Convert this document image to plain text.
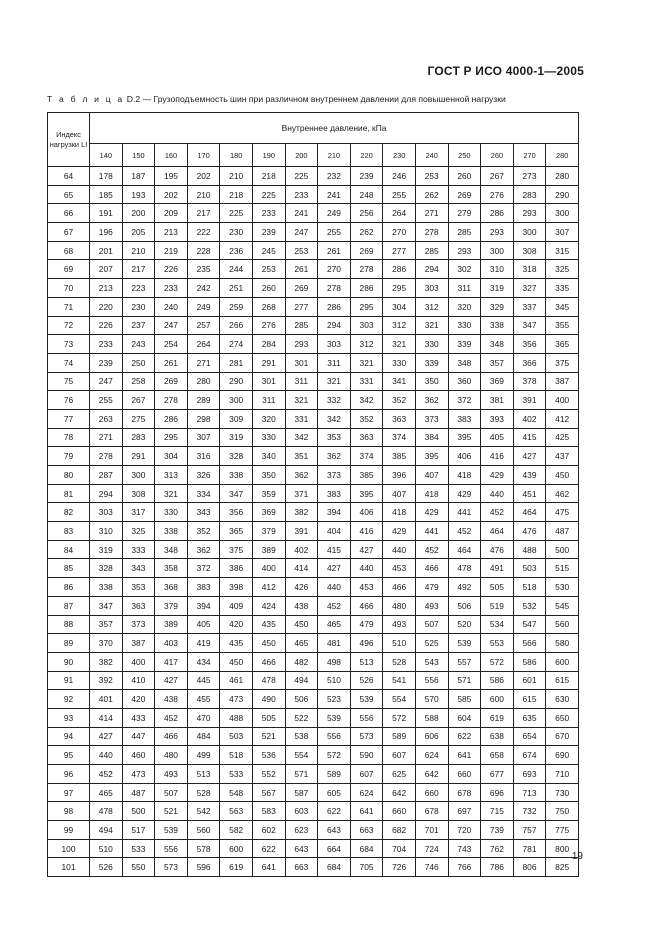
ГОСТ Р ИСО 4000-1—2005
Т а б л и ц а D.2 — Грузоподъемность шин при различном внутреннем давлении для повышенной нагрузки
Индекс нагрузки LI	Внутреннее давление, кПа														
	140	150	160	170	180	190	200	210	220	230	240	250	260	270	280
64	178	187	195	202	210	218	225	232	239	246	253	260	267	273	280
65	185	193	202	210	218	225	233	241	248	255	262	269	276	283	290
66	191	200	209	217	225	233	241	249	256	264	271	279	286	293	300
67	196	205	213	222	230	239	247	255	262	270	278	285	293	300	307
68	201	210	219	228	236	245	253	261	269	277	285	293	300	308	315
69	207	217	226	235	244	253	261	270	278	286	294	302	310	318	325
70	213	223	233	242	251	260	269	278	286	295	303	311	319	327	335
71	220	230	240	249	259	268	277	286	295	304	312	320	329	337	345
72	226	237	247	257	266	276	285	294	303	312	321	330	338	347	355
73	233	243	254	264	274	284	293	303	312	321	330	339	348	356	365
74	239	250	261	271	281	291	301	311	321	330	339	348	357	366	375
75	247	258	269	280	290	301	311	321	331	341	350	360	369	378	387
76	255	267	278	289	300	311	321	332	342	352	362	372	381	391	400
77	263	275	286	298	309	320	331	342	352	363	373	383	393	402	412
78	271	283	295	307	319	330	342	353	363	374	384	395	405	415	425
79	278	291	304	316	328	340	351	362	374	385	395	406	416	427	437
80	287	300	313	326	338	350	362	373	385	396	407	418	429	439	450
81	294	308	321	334	347	359	371	383	395	407	418	429	440	451	462
82	303	317	330	343	356	369	382	394	406	418	429	441	452	464	475
83	310	325	338	352	365	379	391	404	416	429	441	452	464	476	487
84	319	333	348	362	375	389	402	415	427	440	452	464	476	488	500
85	328	343	358	372	386	400	414	427	440	453	466	478	491	503	515
86	338	353	368	383	398	412	426	440	453	466	479	492	505	518	530
87	347	363	379	394	409	424	438	452	466	480	493	506	519	532	545
88	357	373	389	405	420	435	450	465	479	493	507	520	534	547	560
89	370	387	403	419	435	450	465	481	496	510	525	539	553	566	580
90	382	400	417	434	450	466	482	498	513	528	543	557	572	586	600
91	392	410	427	445	461	478	494	510	526	541	556	571	586	601	615
92	401	420	438	455	473	490	506	523	539	554	570	585	600	615	630
93	414	433	452	470	488	505	522	539	556	572	588	604	619	635	650
94	427	447	466	484	503	521	538	556	573	589	606	622	638	654	670
95	440	460	480	499	518	536	554	572	590	607	624	641	658	674	690
96	452	473	493	513	533	552	571	589	607	625	642	660	677	693	710
97	465	487	507	528	548	567	587	605	624	642	660	678	696	713	730
98	478	500	521	542	563	583	603	622	641	660	678	697	715	732	750
99	494	517	539	560	582	602	623	643	663	682	701	720	739	757	775
100	510	533	556	578	600	622	643	664	684	704	724	743	762	781	800
101	526	550	573	596	619	641	663	684	705	726	746	766	786	806	825
19
